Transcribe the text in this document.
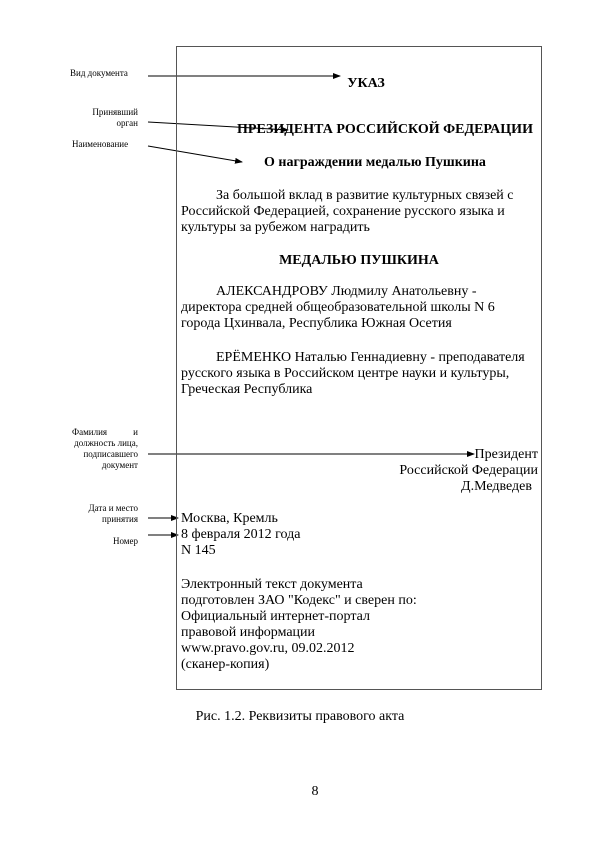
Вид документа
Принявший
орган
Наименование
Фамилия	и
должность лица,
подписавшего
документ
Дата и место
принятия
Номер
УКАЗ
ПРЕЗИДЕНТА РОССИЙСКОЙ ФЕДЕРАЦИИ
О награждении медалью Пушкина
За большой вклад в развитие культурных связей с
Российской Федерацией, сохранение русского языка и
культуры за рубежом наградить
МЕДАЛЬЮ ПУШКИНА
АЛЕКСАНДРОВУ Людмилу Анатольевну -
директора средней общеобразовательной школы N 6
города Цхинвала, Республика Южная Осетия
ЕРЁМЕНКО Наталью Геннадиевну - преподавателя
русского языка в Российском центре науки и культуры,
Греческая Республика
Президент
Российской Федерации
Д.Медведев
Москва, Кремль
8 февраля 2012 года
N 145
Электронный текст документа
подготовлен ЗАО "Кодекс" и сверен по:
Официальный интернет-портал
правовой информации
www.pravo.gov.ru, 09.02.2012
(сканер-копия)
Рис. 1.2. Реквизиты правового акта
8
